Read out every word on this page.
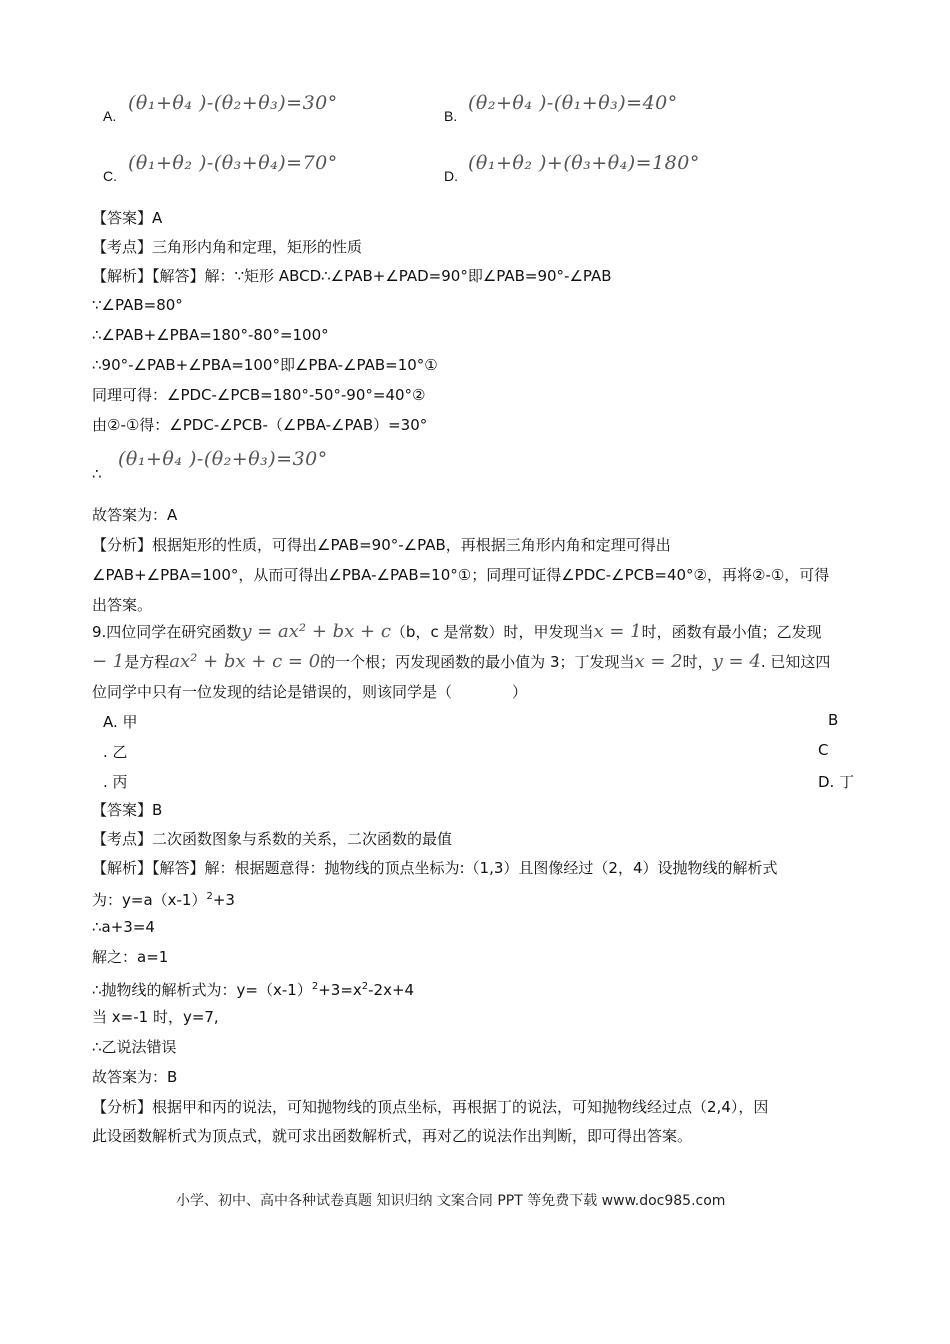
A.
(θ₁+θ₄ )-(θ₂+θ₃)=30°
B.
(θ₂+θ₄ )-(θ₁+θ₃)=40°
C.
(θ₁+θ₂ )-(θ₃+θ₄)=70°
D.
(θ₁+θ₂ )+(θ₃+θ₄)=180°
【答案】A
【考点】三角形内角和定理，矩形的性质
【解析】【解答】解：∵矩形 ABCD∴∠PAB+∠PAD=90°即∠PAB=90°-∠PAB
∵∠PAB=80°
∴∠PAB+∠PBA=180°-80°=100°
∴90°-∠PAB+∠PBA=100°即∠PBA-∠PAB=10°①
同理可得：∠PDC-∠PCB=180°-50°-90°=40°②
由②-①得：∠PDC-∠PCB-（∠PBA-∠PAB）=30°
∴
(θ₁+θ₄ )-(θ₂+θ₃)=30°
故答案为：A
【分析】根据矩形的性质，可得出∠PAB=90°-∠PAB，再根据三角形内角和定理可得出
∠PAB+∠PBA=100°，从而可得出∠PBA-∠PAB=10°①；同理可证得∠PDC-∠PCB=40°②，再将②-①，可得
出答案。
9.四位同学在研究函数y = ax² + bx + c（b，c 是常数）时，甲发现当x = 1时，函数有最小值；乙发现
− 1是方程ax² + bx + c = 0的一个根；丙发现函数的最小值为 3；丁发现当x = 2时，y = 4. 已知这四
位同学中只有一位发现的结论是错误的，则该同学是（　　　　）
A. 甲	B
. 乙	C
. 丙	D. 丁
【答案】B
【考点】二次函数图象与系数的关系，二次函数的最值
【解析】【解答】解：根据题意得：抛物线的顶点坐标为:（1,3）且图像经过（2，4）设抛物线的解析式
为：$y=a(x-1)^2+3$
∴a+3=4
解之：a=1
∴抛物线的解析式为：$y=(x-1)^2+3=x^2-2x+4$
当 x=-1 时，y=7,
∴乙说法错误
故答案为：B
【分析】根据甲和丙的说法，可知抛物线的顶点坐标，再根据丁的说法，可知抛物线经过点（2,4），因
此设函数解析式为顶点式，就可求出函数解析式，再对乙的说法作出判断，即可得出答案。
小学、初中、高中各种试卷真题 知识归纳 文案合同 PPT 等免费下载 www.doc985.com
